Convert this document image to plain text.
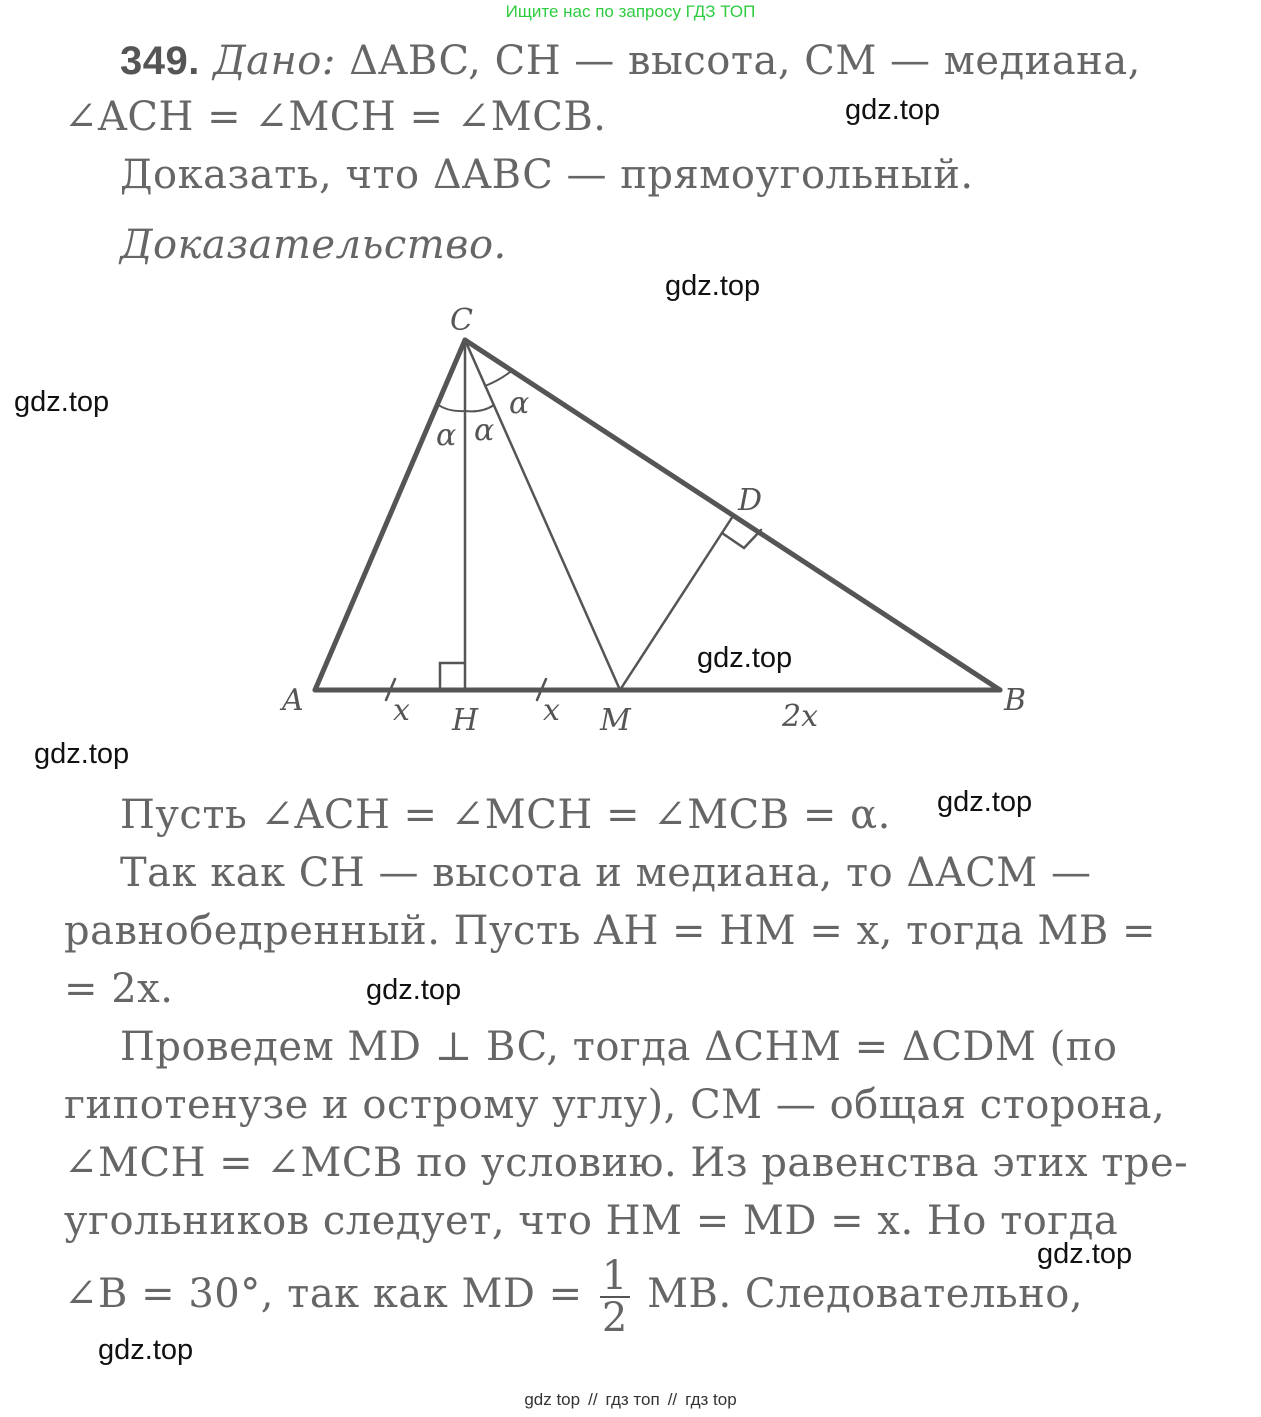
Ищите нас по запросу ГДЗ ТОП
349. Дано: ΔABC, CH — высота, CM — медиана,
∠ACH = ∠MCH = ∠MCB.
Доказать, что ΔABC — прямоугольный.
Доказательство.
C
A	B
H	M
D
α α
α
x	x	2x
Пусть ∠ACH = ∠MCH = ∠MCB = α.
Так как CH — высота и медиана, то ΔACM —
равнобедренный. Пусть AH = HM = x, тогда MB =
= 2x.
Проведем MD ⊥ BC, тогда ΔCHM = ΔCDM (по
гипотенузе и острому углу), CM — общая сторона,
∠MCH = ∠MCB по условию. Из равенства этих тре-
угольников следует, что HM = MD = x. Но тогда
∠B = 30°, так как MD = $\frac{1}{2}$ MB. Следовательно,
gdz.top
gdz.top
gdz.top
gdz.top
gdz.top
gdz.top
gdz.top
gdz.top
gdz.top
gdz top // гдз топ // гдз top
